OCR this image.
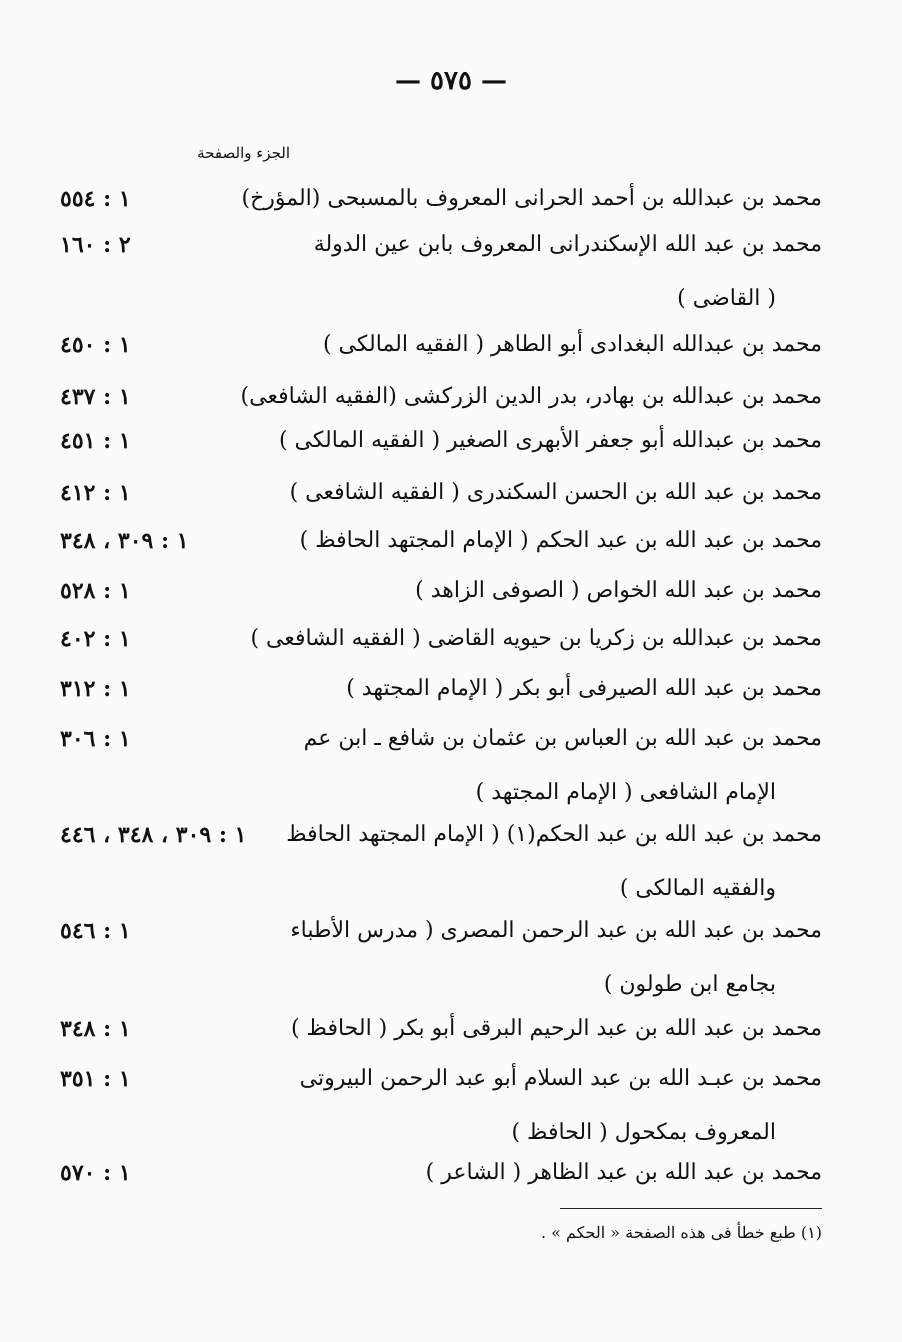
— ٥٧٥ —
الجزء والصفحة
محمد بن عبدالله بن أحمد الحرانى المعروف بالمسبحى (المؤرخ)
١ : ٥٥٤
محمد بن عبد الله الإسكندرانى المعروف بابن عين الدولة
٢ : ١٦٠
( القاضى )
محمد بن عبدالله البغدادى أبو الطاهر ( الفقيه المالكى )
١ : ٤٥٠
محمد بن عبدالله بن بهادر، بدر الدين الزركشى (الفقيه الشافعى)
١ : ٤٣٧
محمد بن عبدالله أبو جعفر الأبهرى الصغير ( الفقيه المالكى )
١ : ٤٥١
محمد بن عبد الله بن الحسن السكندرى ( الفقيه الشافعى )
١ : ٤١٢
محمد بن عبد الله بن عبد الحكم ( الإمام المجتهد الحافظ )
١ : ٣٠٩ ، ٣٤٨
محمد بن عبد الله الخواص ( الصوفى الزاهد )
١ : ٥٢٨
محمد بن عبدالله بن زكريا بن حيويه القاضى ( الفقيه الشافعى )
١ : ٤٠٢
محمد بن عبد الله الصيرفى أبو بكر ( الإمام المجتهد )
١ : ٣١٢
محمد بن عبد الله بن العباس بن عثمان بن شافع ـ ابن عم
١ : ٣٠٦
الإمام الشافعى ( الإمام المجتهد )
محمد بن عبد الله بن عبد الحكم(١) ( الإمام المجتهد الحافظ
١ : ٣٠٩ ، ٣٤٨ ، ٤٤٦
والفقيه المالكى )
محمد بن عبد الله بن عبد الرحمن المصرى ( مدرس الأطباء
١ : ٥٤٦
بجامع ابن طولون )
محمد بن عبد الله بن عبد الرحيم البرقى أبو بكر ( الحافظ )
١ : ٣٤٨
محمد بن عبـد الله بن عبد السلام أبو عبد الرحمن البيروتى
١ : ٣٥١
المعروف بمكحول ( الحافظ )
محمد بن عبد الله بن عبد الظاهر ( الشاعر )
١ : ٥٧٠
(١) طبع خطأ فى هذه الصفحة « الحكم » .
